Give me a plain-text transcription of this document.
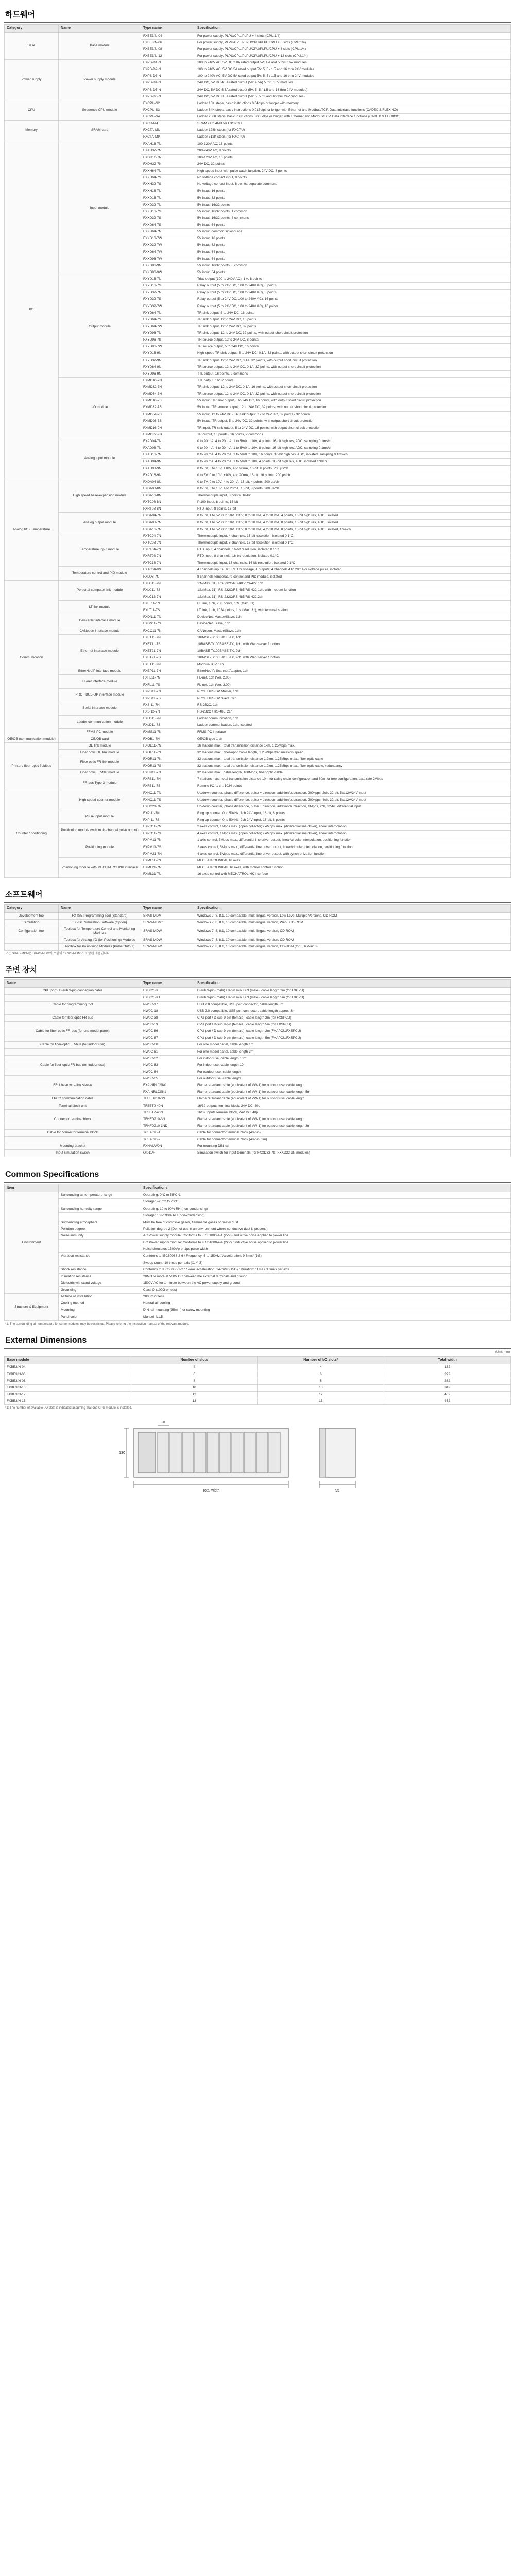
하드웨어
Category	Name	Type name	Specification
Base	Base module	FXBE3/N-04	For power supply, PLPU/CPU/PLPU + 4 slots (CPU:1/4)
		FXBE3/N-06	For power supply, PLPU/CPU/PLPU/CPU/PLPU/CPU + 6 slots (CPU:1/4)
		FXBE3/N-08	For power supply, PLPU/CPU/PLPU/CPU/PLPU/CPU + 8 slots (CPU:1/4)
		FXBE3/N-12	For power supply, PLPU/CPU/PLPU/CPU/PLPU/CPU + 12 slots (CPU:1/4)
Power supply	Power supply module	FXPS-D1-N	100 to 240V AC, 5V DC 2.8A rated output 5V: 4 A and 5 thru 16V modules
		FXPS-D2-N	100 to 240V AC, 5V DC 5A rated output 5V: 5, 5 / 1.5 and 16 thru 24V modules
		FXPS-D3-N	100 to 240V AC, 5V DC 5A rated output 5V: 5, 5 / 1.5 and 16 thru 24V modules
		FXPS-D4-N	24V DC, 5V DC 4.5A rated output (5V: 4.5A) 5 thru 16V modules
		FXPS-D5-N	24V DC, 5V DC 5.5A rated output (5V: 5, 5 / 1.5 and 16 thru 24V modules)
		FXPS-D6-N	24V DC, 5V DC 8.5A rated output (5V: 5, 5 / 3 and 16 thru 24V modules)
CPU	Sequence CPU module	FXCPU-S2	Ladder 16K steps, basic instructions 0.04dlps or longer with memory
		FXCPU-S3	Ladder 64K steps, basic instructions 0.015dlps or longer with Ethernet and Modbus/TCP, Data interface functions (CADEX & FLEXINO)
		FXCPU-S4	Ladder 256K steps, basic instructions 0.005dlps or longer, with Ethernet and Modbus/TCP, Data interface functions (CADEX & FLEXINO)
Memory	SRAM card	FXCD-M4	SRAM card 4MB for FXSPCU
		FXCTA-MU	Ladder 128K steps (for FXCPU)
		FXCTA-MP	Ladder 512K steps (for FXCPU)
I/O	Input module	FXAH16-7N	100-120V AC, 16 points
		FXAH32-7N	200-240V AC, 8 points
		FXDH16-7N	100-120V AC, 16 points
		FXDH32-7N	24V DC, 32 points
		FXXH64-7N	High speed input with pulse catch function, 24V DC, 8 points
		FXXH64-7S	No voltage contact input, 8 points
		FXXH32-7S	No voltage contact input, 8 points, separate commons
		FXXH16-7N	5V input, 16 points
		FXXD16-7N	5V input, 32 points
		FXXD32-7N	5V input, 16/32 points
		FXXD16-7S	5V input, 16/32 points, 1 common
		FXXD32-7S	5V input, 16/32 points, 8 commons
		FXXD64-7S	5V input, 64 points
		FXXD64-7N	5V input, common sink/source
		FXXD16-7W	5V input, 16 points
		FXXD32-7W	5V input, 32 points
		FXXD64-7W	5V input, 64 points
		FXXD96-7W	5V input, 64 points
		FXXD96-9N	5V input, 16/32 points, 8 common
		FXXD96-9W	5V input, 64 points
	Output module	FXYD16-7N	Triac output (100 to 240V AC), 1 A, 8 points
		FXYD16-7S	Relay output (5 to 24V DC, 100 to 240V AC), 8 points
		FXYD32-7N	Relay output (5 to 24V DC, 100 to 240V AC), 8 points
		FXYD32-7S	Relay output (5 to 24V DC, 100 to 240V AC), 16 points
		FXYD32-7W	Relay output (5 to 24V DC, 100 to 240V AC), 16 points
		FXYD64-7N	TR sink output, 5 to 24V DC, 16 points
		FXYD64-7S	TR sink output, 12 to 24V DC, 16 points
		FXYD64-7W	TR sink output, 12 to 24V DC, 32 points
		FXYD96-7N	TR sink output, 12 to 24V DC, 32 points, with output short circuit protection
		FXYD96-7S	TR source output, 12 to 24V DC, 8 points
		FXYD96-7W	TR source output, 5 to 24V DC, 16 points
		FXYD16-9N	High-speed TR sink output, 5 to 24V DC, 0.1A, 32 points, with output short circuit protection
		FXYD32-9N	TR sink output, 12 to 24V DC, 0.1A, 32 points, with output short circuit protection
		FXYD64-9N	TR source output, 12 to 24V DC, 0.1A, 32 points, with output short circuit protection
		FXYD96-9N	TTL output, 16 points, 2 commons
	I/O module	FXMD16-7N	TTL output, 16/32 points
		FXMD32-7N	TR sink output, 12 to 24V DC, 0.1A, 16 points, with output short circuit protection
		FXMD64-7N	TR source output, 12 to 24V DC, 0.1A, 32 points, with output short circuit protection
		FXMD16-7S	5V input / TR sink output, 5 to 24V DC, 16 points, with output short circuit protection
		FXMD32-7S	5V input / TR source output, 12 to 24V DC, 32 points, with output short circuit protection
		FXMD64-7S	5V input, 12 to 24V DC / TR sink output, 12 to 24V DC, 32 points / 32 points
		FXMD96-7S	5V input / TR output, 5 to 24V DC, 32 points, with output short circuit protection
		FXMD16-9N	TR input, TR sink output, 5 to 24V DC, 16 points, with output short circuit protection
		FXMD32-9N	TR output, 16 points / 16 points, 2 commons
	Analog input module	FXAD04-7N	0 to 20 mA, 4 to 20 mA, 1 to 5V/0 to 10V, 4 points, 16-bit high res, ADC, sampling 0.1ms/ch
		FXAD08-7N	0 to 20 mA, 4 to 20 mA, 1 to 5V/0 to 10V, 8 points, 16-bit high res, ADC, sampling 0.1ms/ch
		FXAD16-7N	0 to 20 mA, 4 to 20 mA, 1 to 5V/0 to 10V, 16 points, 16-bit high res, ADC, isolated, sampling 0.1ms/ch
		FXAD04-9N	0 to 20 mA, 4 to 20 mA, 1 to 5V/0 to 10V, 4 points, 16-bit high res, ADC, isolated 1ch/ch
		FXAD08-9N	0 to 5V, 0 to 10V, ±10V, 4 to 20mA, 16-bit, 8 points, 200 μs/ch
		FXAD16-9N	0 to 5V, 0 to 10V, ±10V, 4 to 20mA, 16-bit, 16 points, 200 μs/ch
Analog I/O / Temperature	High speed base-expansion module	FXDA04-8N	0 to 5V, 0 to 10V, 4 to 20mA, 16-bit, 4 points, 200 μs/ch
		FXDA08-8N	0 to 5V, 0 to 10V, 4 to 20mA, 16-bit, 8 points, 200 μs/ch
		FXDA16-8N	Thermocouple input, 8 points, 16-bit
		FXTC08-8N	Pt100 input, 8 points, 16-bit
		FXRT08-8N	RTD input, 8 points, 16-bit
	Analog output module	FXDA04-7N	0 to 5V, 1 to 5V, 0 to 10V, ±10V, 0 to 20 mA, 4 to 20 mA, 4 points, 16-bit high res, ADC, isolated
		FXDA08-7N	0 to 5V, 1 to 5V, 0 to 10V, ±10V, 0 to 20 mA, 4 to 20 mA, 8 points, 16-bit high res, ADC, isolated
		FXDA16-7N	0 to 5V, 1 to 5V, 0 to 10V, ±10V, 0 to 20 mA, 4 to 20 mA, 8 points, 16-bit high res, ADC, isolated, 1ms/ch
	Temperature input module	FXTC04-7N	Thermocouple input, 4 channels, 16-bit resolution, isolated 0.1°C
		FXTC08-7N	Thermocouple input, 8 channels, 16-bit resolution, isolated 0.1°C
		FXRT04-7N	RTD input, 4 channels, 16-bit resolution, isolated 0.1°C
		FXRT08-7N	RTD input, 8 channels, 16-bit resolution, isolated 0.1°C
		FXTC16-7N	Thermocouple input, 16 channels, 16-bit resolution, isolated 0.1°C
	Temperature control and PID module	FXTC04-9N	4 channels inputs: TC, RTD or voltage, 4 outputs: 4 channels 4 to 20mA or voltage pulse, isolated
		FXLQ8-7N	8 channels temperature control and PID module, isolated
Communication	Personal computer link module	FXLC11-7N	1:N(Max. 31), RS-232C/RS-485/RS-422 1ch
		FXLC11-7S	1:N(Max. 31), RS-232C/RS-485/RS-422 1ch, with modem function
		FXLC12-7N	1:N(Max. 31), RS-232C/RS-485/RS-422 2ch
	LT link module	FXLT11-1N	LT link, 1 ch, 256 points, 1:N (Max. 31)
		FXLT11-7S	LT link, 1 ch, 1024 points, 1:N (Max. 31), with terminal station
	DeviceNet interface module	FXDN11-7N	DeviceNet, Master/Slave, 1ch
		FXDN11-7S	DeviceNet, Slave, 1ch
	CANopen interface module	FXCO11-7N	CANopen, Master/Slave, 1ch
	Ethernet interface module	FXET11-7N	10BASE-T/100BASE-TX, 1ch
		FXET11-7S	10BASE-T/100BASE-TX, 1ch, with Web server function
		FXET21-7N	10BASE-T/100BASE-TX, 2ch
		FXET21-7S	10BASE-T/100BASE-TX, 2ch, with Web server function
		FXET11-9N	Modbus/TCP, 1ch
	EtherNet/IP interface module	FXEP11-7N	EtherNet/IP, Scanner/Adapter, 1ch
	FL-net interface module	FXFL11-7N	FL-net, 1ch (Ver. 2.00)
		FXFL11-7S	FL-net, 1ch (Ver. 3.00)
	PROFIBUS-DP interface module	FXPB11-7N	PROFIBUS-DP Master, 1ch
		FXPB11-7S	PROFIBUS-DP Slave, 1ch
	Serial interface module	FXSI11-7N	RS-232C, 1ch
		FXSI12-7N	RS-232C / RS-485, 2ch
	Ladder communication module	FXLD11-7N	Ladder communication, 1ch
		FXLD11-7S	Ladder communication, 1ch, isolated
	FFMS PC module	FXMS11-7N	FFMS PC interface
OE/OB (communication module)	OE/OB card	FXOB1-7N	OE/OB type 1 ch
Printer / fiber-optic fieldbus	OE link module	FXOE11-7N	16 stations max., total transmission distance 1km, 1.25Mbps max.
	Fiber optic OE link module	FXOF11-7N	32 stations max., fiber-optic cable length, 1.25Mbps transmission speed
	Fiber optic FR link module	FXOR11-7N	32 stations max., total transmission distance 1.2km, 1.25Mbps max., fiber-optic cable
		FXOR11-7S	32 stations max., total transmission distance 1.2km, 1.25Mbps max., fiber-optic cable, redundancy
	Fiber optic FR-Net module	FXFN11-7N	32 stations max., cable length, 100Mbps, fiber-optic cable
	FR-bus Type 3 module	FXFB11-7N	7 stations max., total transmission distance 10m for daisy-chain configuration and 80m for tree configuration, data rate 2Mbps
		FXFB11-7S	Remote I/O, 1 ch, 1024 points
Counter / positioning	High speed counter module	FXHC11-7N	Up/down counter, phase difference, pulse + direction, addition/subtraction, 200kpps, 2ch, 32-bit, 5V/12V/24V input
		FXHC11-7S	Up/down counter, phase difference, pulse + direction, addition/subtraction, 200kpps, 4ch, 32-bit, 5V/12V/24V input
		FXHC21-7N	Up/down counter, phase difference, pulse + direction, addition/subtraction, 1Mpps, 2ch, 32-bit, differential input
	Pulse input module	FXPI11-7N	Ring up counter, 0 to 50kHz, 1ch 24V input, 16-bit, 8 points
		FXPI11-7S	Ring up counter, 0 to 50kHz, 2ch 24V input, 16-bit, 8 points
	Positioning module (with multi-channel pulse output)	FXPO11-7N	2 axes control, 1Mpps max. (open collector) / 4Mpps max. (differential line driver), linear interpolation
		FXPO11-7S	4 axes control, 1Mpps max. (open collector) / 4Mpps max. (differential line driver), linear interpolation
	Positioning module	FXPM11-7N	1 axis control, 5Mpps max., differential line driver output, linear/circular interpolation, positioning function
		FXPM11-7S	2 axes control, 5Mpps max., differential line driver output, linear/circular interpolation, positioning function
		FXPM21-7N	4 axes control, 5Mpps max., differential line driver output, with synchronization function
	Positioning module with MECHATROLINK interface	FXML11-7N	MECHATROLINK-II, 16 axes
		FXML21-7N	MECHATROLINK-III, 16 axes, with motion control function
		FXML31-7N	16 axes control with MECHATROLINK interface
소프트웨어
Category	Name	Type name	Specification
Development tool	FX-ISE Programming Tool (Standard)	SRAS-MDM	Windows 7, 8, 8.1, 10 compatible, multi-lingual version, Low-Level Multiple Versions, CD-ROM
Simulation	FX-ISE Simulation Software (Option)	SRAS-MDM*	Windows 7, 8, 8.1, 10 compatible, multi-lingual version, Web / CD-ROM
Configuration tool	Toolbox for Temperature Control and Monitoring Modules	SRAS-MDW	Windows 7, 8, 8.1, 10 compatible, multi-lingual version, CD-ROM
	Toolbox for Analog I/O (for Positioning) Modules	SRAS-MDW	Windows 7, 8, 8.1, 10 compatible, multi-lingual version, CD-ROM
	Toolbox for Positioning Modules (Pulse Output)	SRAS-MDW	Windows 7, 8, 8.1, 10 compatible, multi-lingual version, CD-ROM (for 5, 6 Win10)
모든 SRAS-MDM은 SRAS-MDM에 포함이 'SRAS-MDM'가 포함된 제품입니다.
주변 장치
Name	Type name	Specification
CPU port / D-sub 9-pin connection cable	FXF021-K	D-sub 9-pin (male) / 8-pin mini DIN (male), cable length 2m (for FXCPU)
	FXF021-K1	D-sub 9-pin (male) / 8-pin mini DIN (male), cable length 5m (for FXCPU)
Cable for programming tool	NW0C-17	USB 2.0 compatible, USB port connector, cable length 3m
	NW0C-18	USB 2.0 compatible, USB port connector, cable length approx. 3m
Cable for fiber optic FR bus	NW0C-38	CPU port / D-sub 9-pin (female), cable length 2m (for FXSPCU)
	NW0C-59	CPU port / D-sub 9-pin (female), cable length 5m (for FXSPCU)
Cable for fiber-optic FR-bus (for one model panel)	NW0C-86	CPU port / D-sub 9-pin (female), cable length 2m (FXAPCU/FXSPCU)
	NW0C-87	CPU port / D-sub 9-pin (female), cable length 5m (FXAPCU/FXSPCU)
Cable for fiber-optic FR-bus (for indoor use)	NW0C-60	For one model panel, cable length 1m
	NW0C-61	For one model panel, cable length 3m
	NW0C-62	For indoor use, cable length 10m
Cable for fiber-optic FR-bus (for indoor use)	NW0C-63	For indoor use, cable length 10m
	NW0C-64	For outdoor use, cable length
	NW0C-65	For outdoor use, cable length
FRU base wire-link sleeve	FXA-NRLCSK0	Flame retardant cable (equivalent of VW-1) for outdoor use, cable length
	FXA-NRLCSK1	Flame retardant cable (equivalent of VW-1) for outdoor use, cable length 5m
FPCC communication cable	TFHFD210-3N	Flame retardant cable (equivalent of VW-1) for outdoor use, cable length
Terminal block unit	TFSBT0-40N	16/32 outputs terminal block, 24V DC, 40p
	TFSBT2-40N	16/32 inputs terminal block, 24V DC, 40p
Connector terminal block	TFHFD210-3N	Flame retardant cable (equivalent of VW-1) for outdoor use, cable length
	TFHFD210-3ND	Flame retardant cable (equivalent of VW-1) for outdoor use, cable length 3m
Cable for connector terminal block	TCE4096-1	Cable for connector terminal block (40-pin)
	TCE4096-2	Cable for connector terminal block (40-pin, 2m)
Mounting bracket	FXHAUW0N	For mounting DIN rail
Input simulation switch	OI011/F	Simulation switch for input terminals (for FXXD32-7S, FXXD32-9N modules)
Common Specifications
Item		Specifications
Environment	Surrounding air temperature range	Operating: 0°C to 55°C*1
		Storage: –25°C to 70°C
	Surrounding humidity range	Operating: 10 to 90% RH (non-condensing)
		Storage: 10 to 90% RH (non-condensing)
	Surrounding atmosphere	Must be free of corrosive gases, flammable gases or heavy dust.
	Pollution degree	Pollution degree 2 (Do not use in an environment where conductive dust is present.)
	Noise immunity	AC Power supply module: Conforms to IEC61000-4-4 (2kV) / Inductive noise applied to power line
		DC Power supply module: Conforms to IEC61000-4-4 (2kV) / Inductive noise applied to power line
		Noise simulator: 1500Vp-p, 1μs pulse width
	Vibration resistance	Conforms to IEC60068-2-6 / Frequency: 5 to 150Hz / Acceleration: 9.8m/s² (1G)
		Sweep count: 10 times per axis (X, Y, Z)
	Shock resistance	Conforms to IEC60068-2-27 / Peak acceleration: 147m/s² (15G) / Duration: 11ms / 3 times per axis
	Insulation resistance	20MΩ or more at 500V DC between the external terminals and ground
	Dielectric withstand voltage	1500V AC for 1 minute between the AC power supply and ground
	Grounding	Class D (100Ω or less)
Structure & Equipment	Altitude of installation	2000m or less
	Cooling method	Natural air cooling
	Mounting	DIN rail mounting (35mm) or screw mounting
	Panel color	Munsell N1.5
*1: The surrounding air temperature for some modules may be restricted. Please refer to the instruction manual of the relevant module.
External Dimensions
(Unit: mm)
Base module	Number of slots	Number of I/O slots*	Total width
FXBE3/N-04	4	4	162
FXBE3/N-06	6	6	222
FXBE3/N-08	8	8	282
FXBE3/N-10	10	10	342
FXBE3/N-12	12	12	402
FXBE3/N-13	13	13	432
*1: The number of available I/O slots is indicated assuming that one CPU module is installed.
Total width
130
30
95
